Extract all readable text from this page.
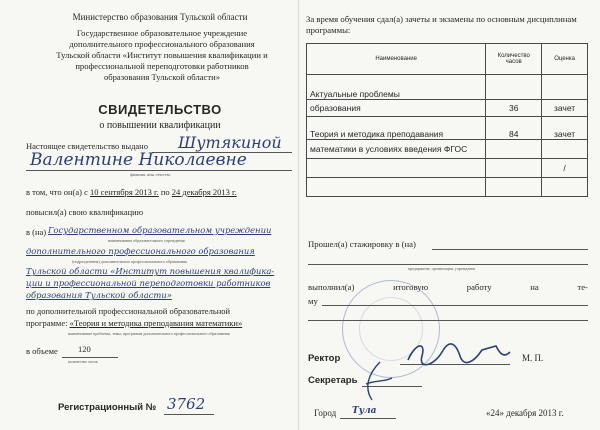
Министерство образования Тульской области
Государственное образовательное учреждение
дополнительного профессионального образования
Тульской области «Институт повышения квалификации и
профессиональной переподготовки работников
образования Тульской области»
СВИДЕТЕЛЬСТВО
о повышении квалификации
Настоящее свидетельство выдано Шутякиной
Валентине Николаевне
фамилия, имя, отчество
в том, что он(а) с 10 сентября 2013 г. по 24 декабря 2013 г.
повысил(а) свою квалификацию
в (на) Государственном образовательном учреждении
наименование образовательного учреждения
дополнительного профессионального образования
(подразделения) дополнительного профессионального образования
Тульской области «Институт повышения квалифика-
ции и профессиональной переподготовки работников
образования Тульской области»
по дополнительной профессиональной образовательной
программе: «Теория и методика преподавания математики»
наименование проблемы, темы, программы дополнительного профессионального образования
в объеме 120
количество часов
Регистрационный № 3762
За время обучения сдал(а) зачеты и экзамены по основным дисциплинам программы:
Наименование	Количество часов	Оценка
Актуальные проблемы		
образования	36	зачет
Теория и методика преподавания	84	зачет
математики в условиях введения ФГОС		
		/

Прошел(а) стажировку в (на)
предприятие, организация, учреждение
выполнил(а)	итоговую	работу	на	те-
му
Ректор	М. П.
Секретарь
Город Тула	«24» декабря 2013 г.
